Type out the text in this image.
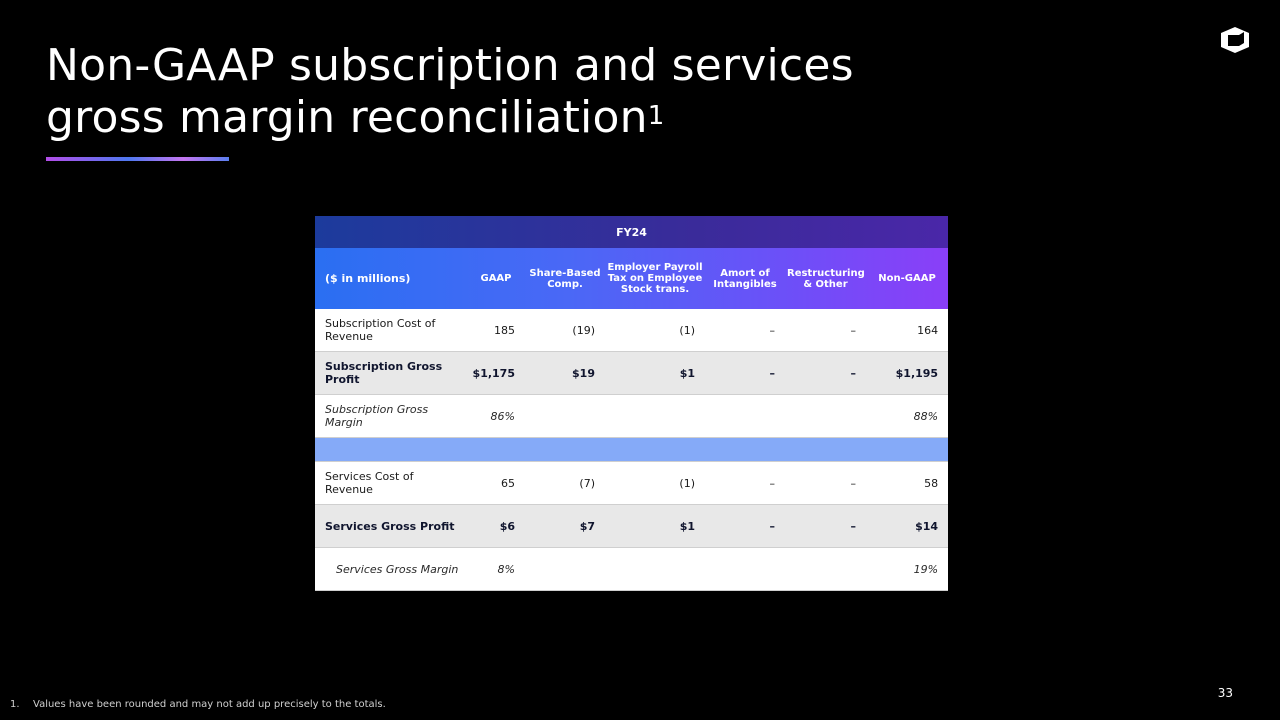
Non-GAAP subscription and services
gross margin reconciliation$^1$
FY24						
($ in millions)	GAAP	Share-Based Comp.	Employer Payroll Tax on Employee Stock trans.	Amort of Intangibles	Restructuring & Other	Non-GAAP
Subscription Cost of Revenue	185	(19)	(1)	–	–	164
Subscription Gross Profit	$1,175	$19	$1	–	–	$1,195
Subscription Gross Margin	86%					88%

Services Cost of Revenue	65	(7)	(1)	–	–	58
Services Gross Profit	$6	$7	$1	–	–	$14
Services Gross Margin	8%					19%
33
1. Values have been rounded and may not add up precisely to the totals.
